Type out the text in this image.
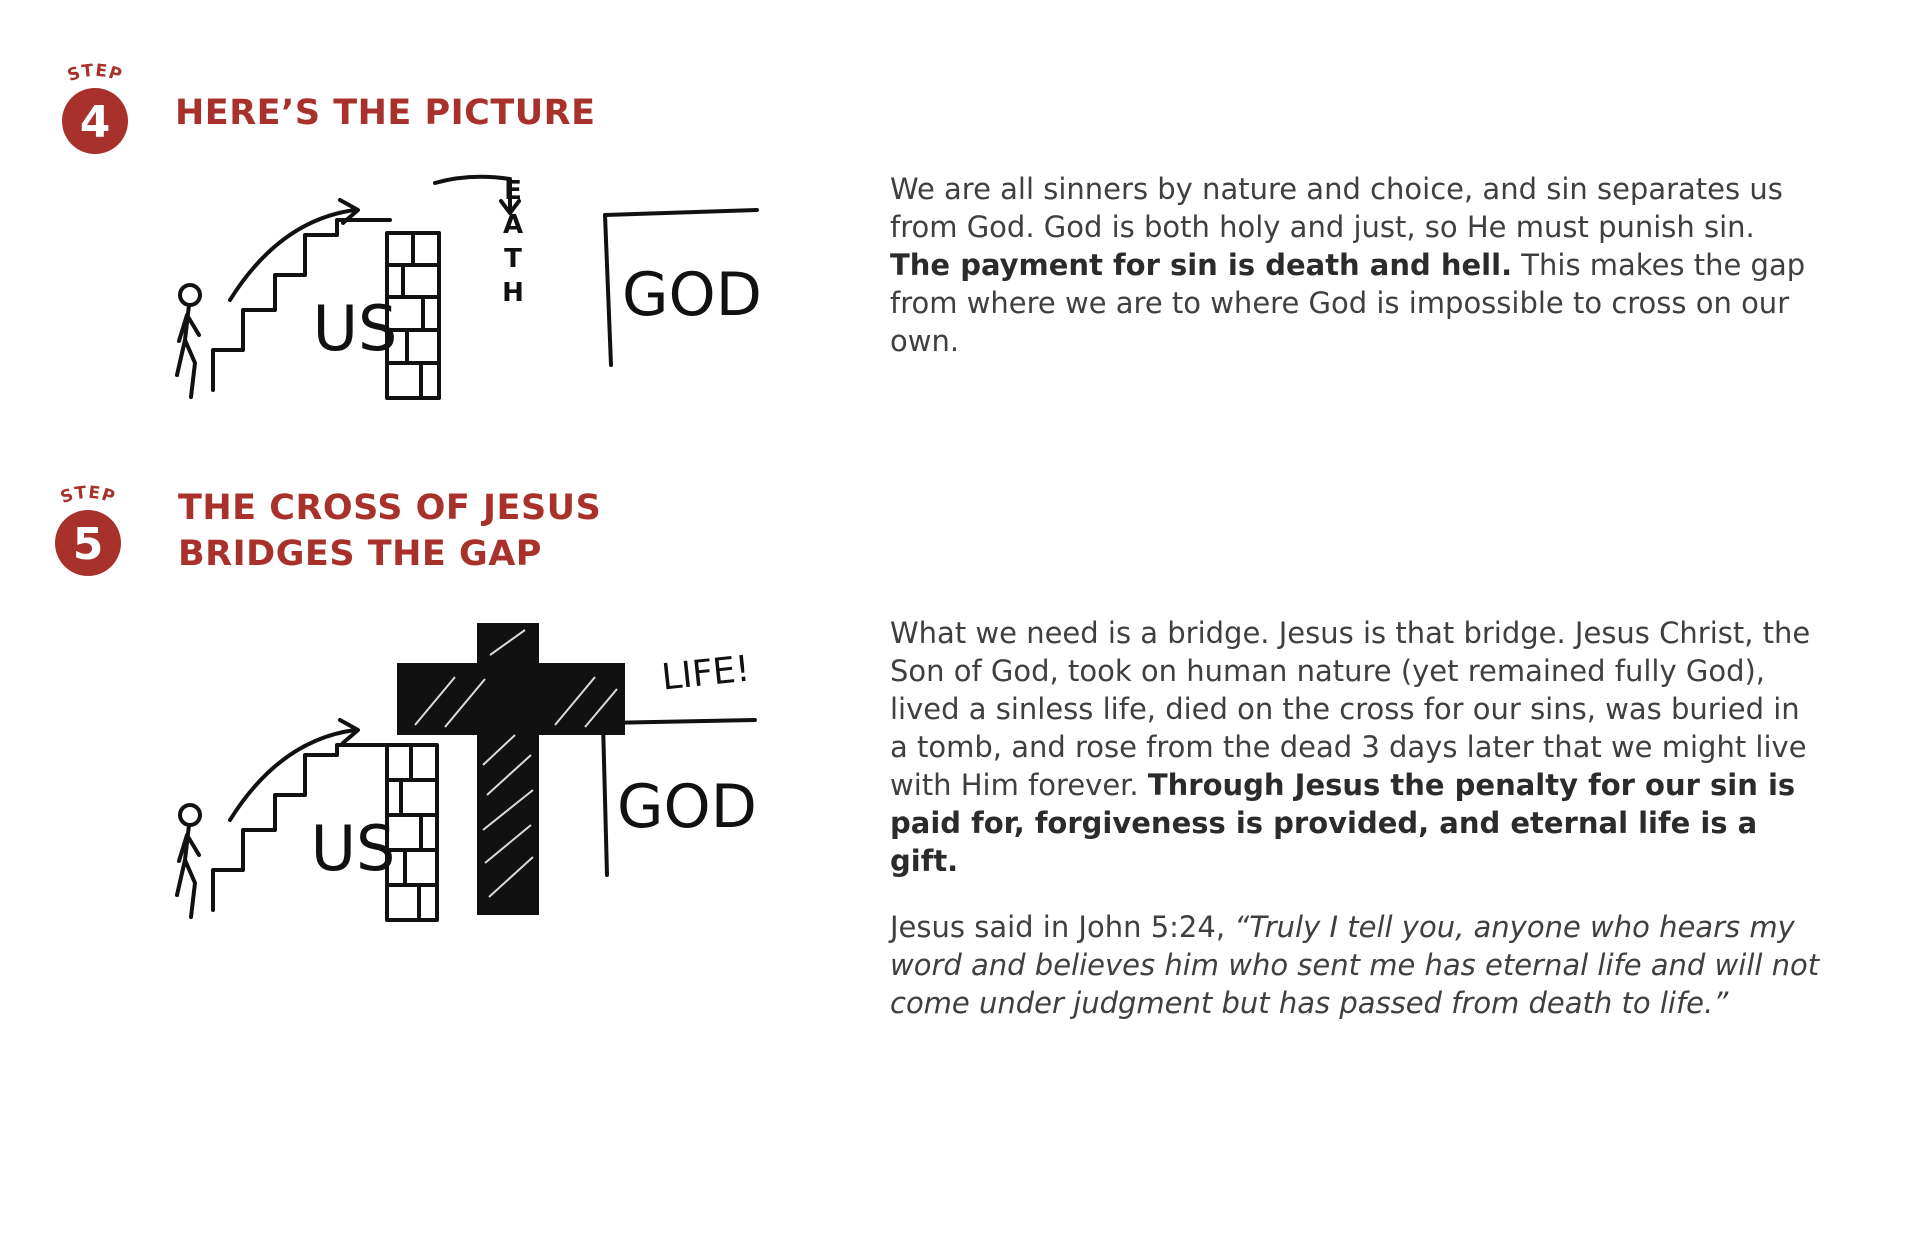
STEP
4 HERE’S THE PICTURE
US	GOD
DEATH	We are all sinners by nature and choice, and sin separates us from God. God is both holy and just, so He must punish sin. The payment for sin is death and hell. This makes the gap from where we are to where God is impossible to cross on our own.

STEP
5
THE CROSS OF JESUS
BRIDGES THE GAP
US
GOD
LIFE!

What we need is a bridge. Jesus is that bridge. Jesus Christ, the Son of God, took on human nature (yet remained fully God), lived a sinless life, died on the cross for our sins, was buried in a tomb, and rose from the dead 3 days later that we might live with Him forever. Through Jesus the penalty for our sin is paid for, forgiveness is provided, and eternal life is a gift.

Jesus said in John 5:24, “Truly I tell you, anyone who hears my word and believes him who sent me has eternal life and will not come under judgment but has passed from death to life.”
